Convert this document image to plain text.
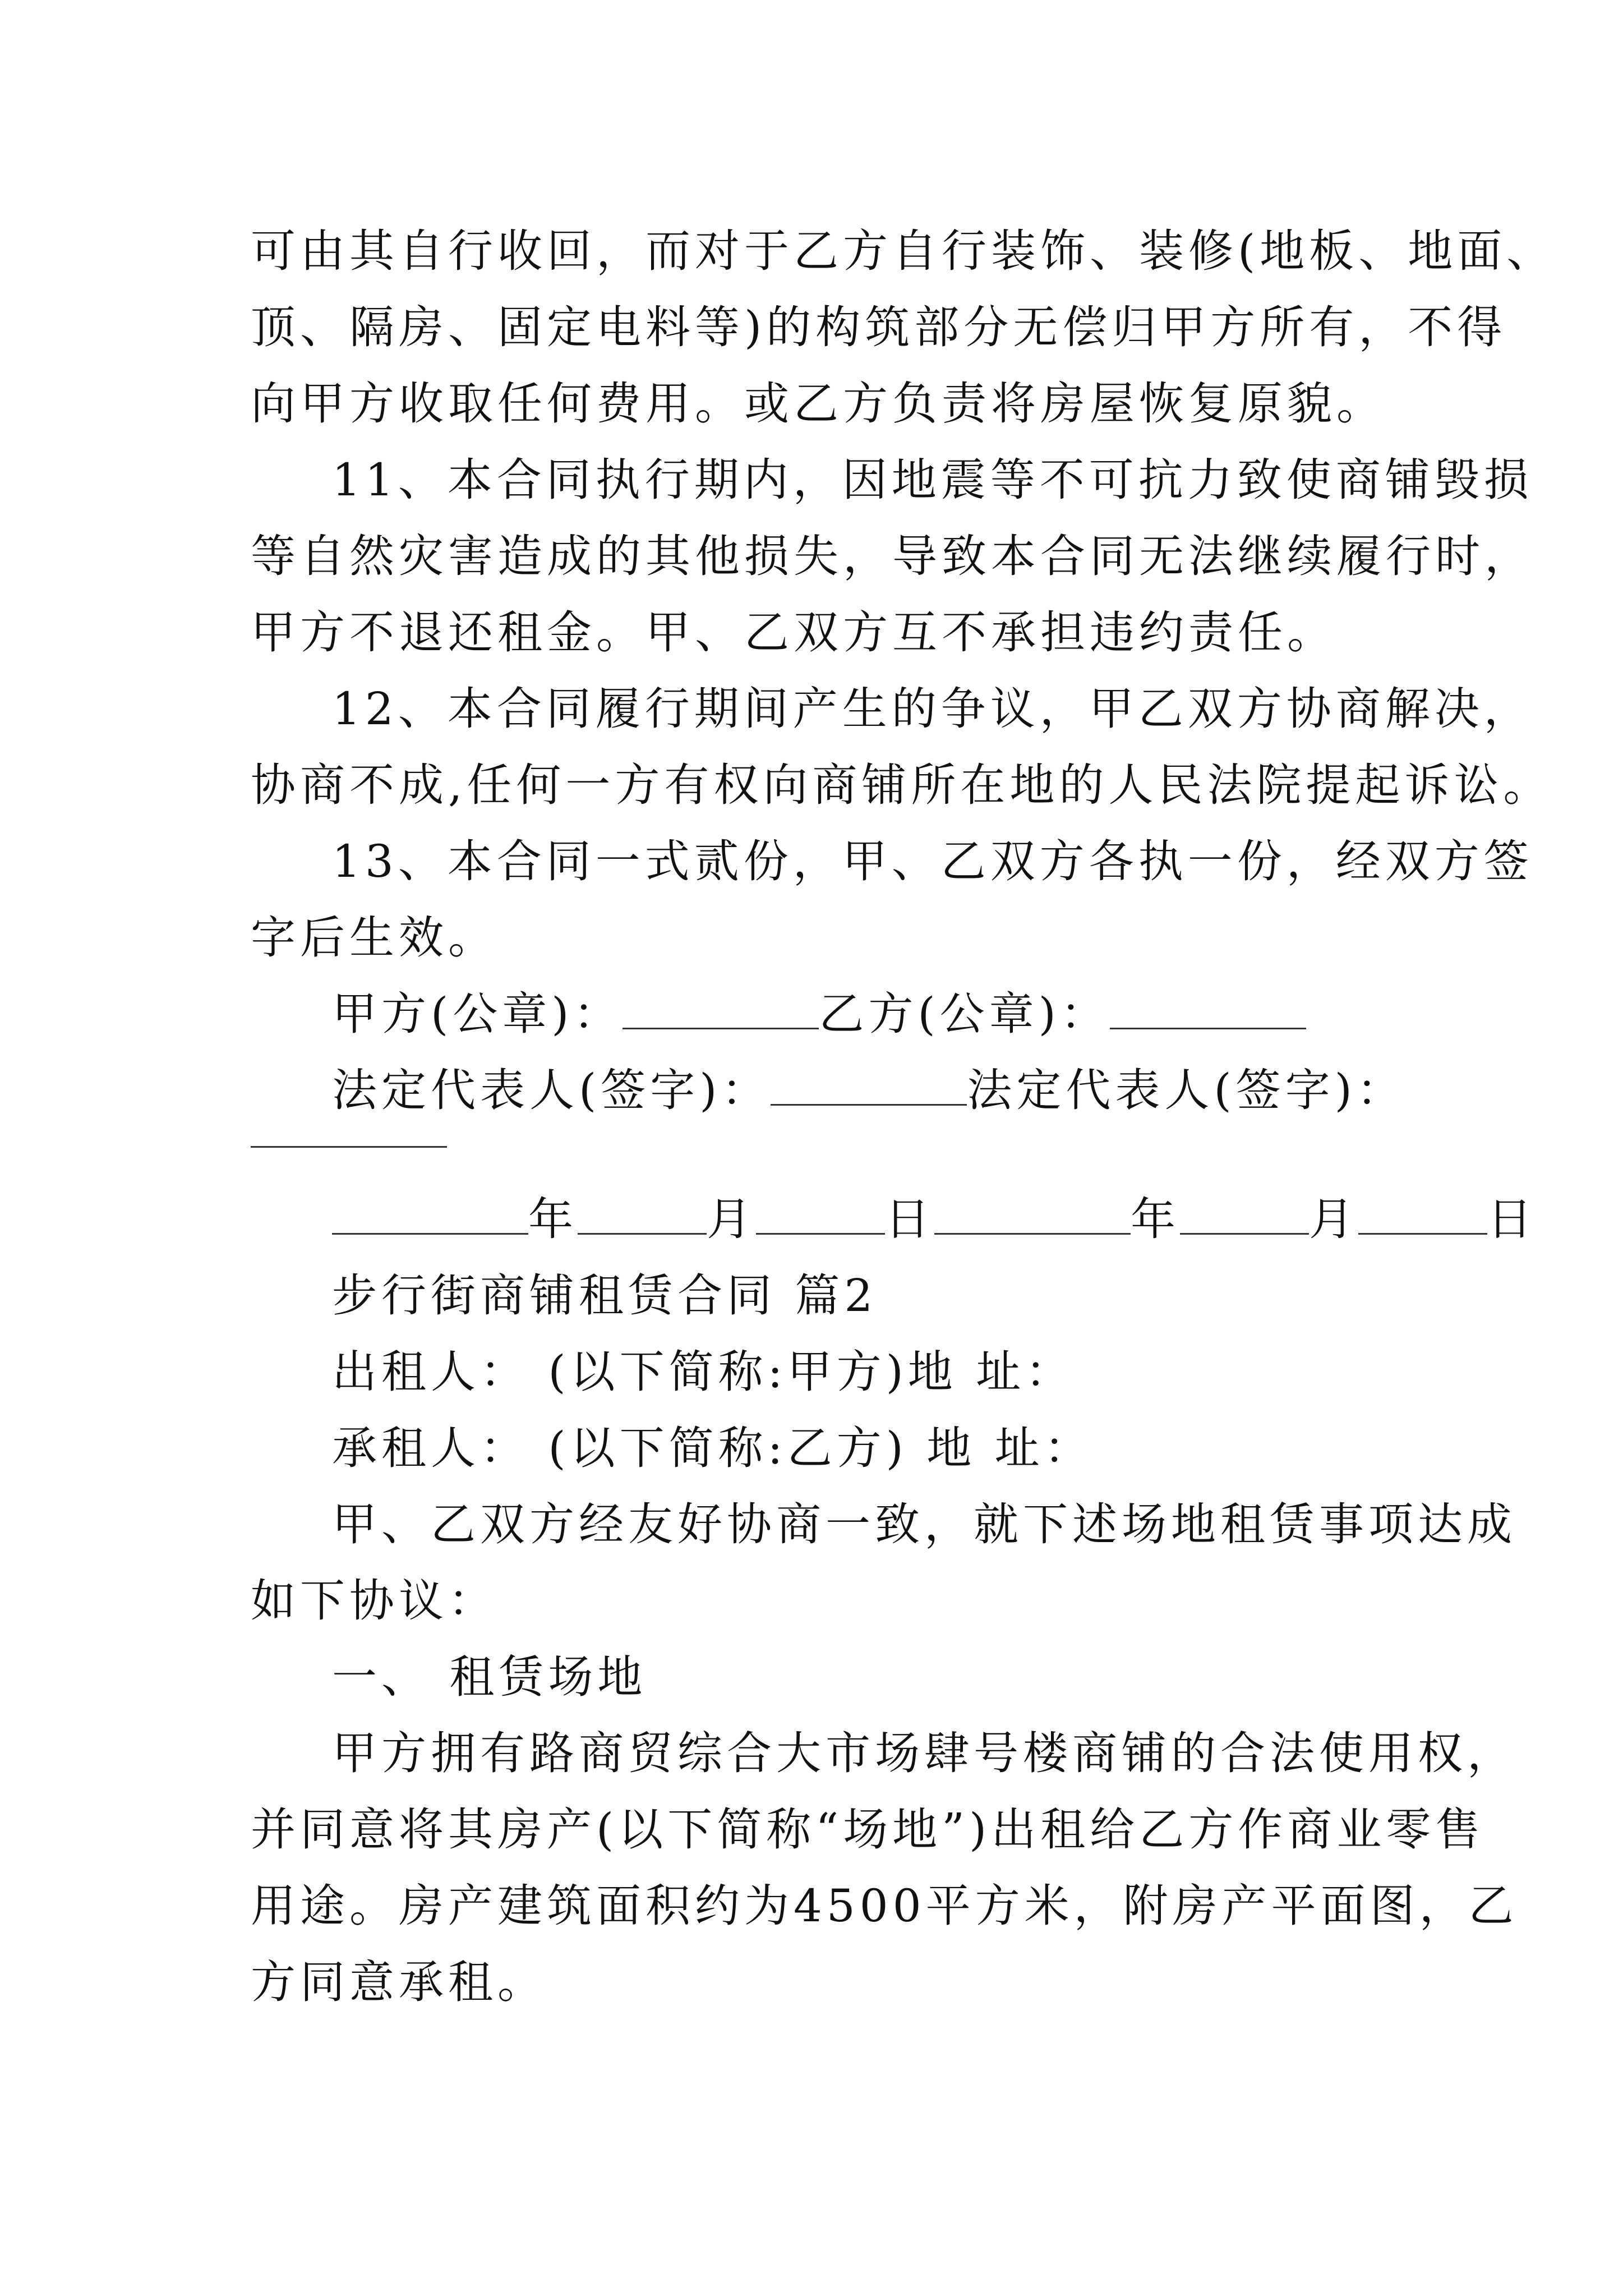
可由其自行收回，而对于乙方自行装饰、装修(地板、地面、
顶、隔房、固定电料等)的构筑部分无偿归甲方所有，不得
向甲方收取任何费用。或乙方负责将房屋恢复原貌。
11、本合同执行期内，因地震等不可抗力致使商铺毁损
等自然灾害造成的其他损失，导致本合同无法继续履行时，
甲方不退还租金。甲、乙双方互不承担违约责任。
12、本合同履行期间产生的争议，甲乙双方协商解决，
协商不成,任何一方有权向商铺所在地的人民法院提起诉讼。
13、本合同一式贰份，甲、乙双方各执一份，经双方签
字后生效。
甲方(公章)：	乙方(公章)：
法定代表人(签字)：	法定代表人(签字)：
年	月	日	年	月	日
步行街商铺租赁合同 篇2
出租人： (以下简称:甲方)地 址：
承租人： (以下简称:乙方) 地 址：
甲、乙双方经友好协商一致，就下述场地租赁事项达成
如下协议：
一、 租赁场地
甲方拥有路商贸综合大市场肆号楼商铺的合法使用权，
并同意将其房产(以下简称“场地”)出租给乙方作商业零售
用途。房产建筑面积约为4500平方米，附房产平面图，乙
方同意承租。
